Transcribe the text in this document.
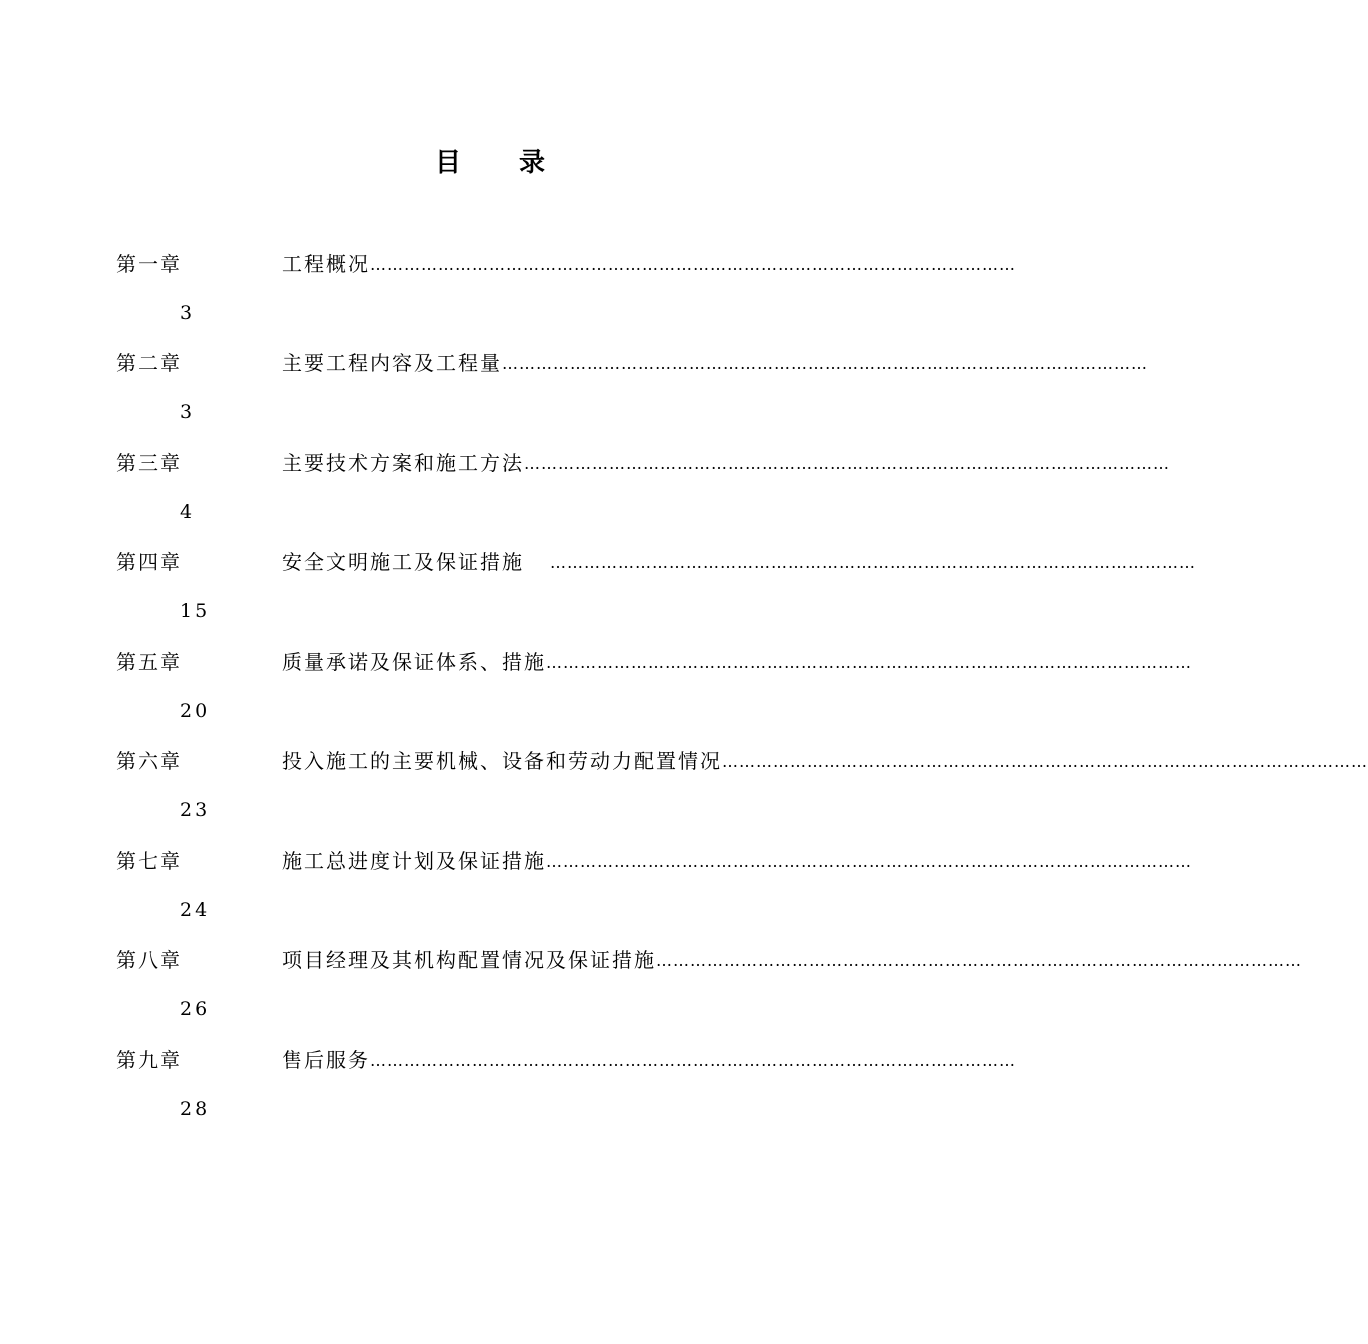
目 录
第一章	工程概况 ……………………………………………………………………………………………………
3
第二章	主要工程内容及工程量 ……………………………………………………………………………………………………
3
第三章	主要技术方案和施工方法 ……………………………………………………………………………………………………
4
第四章	安全文明施工及保证措施 ……………………………………………………………………………………………………
15
第五章	质量承诺及保证体系、措施 ……………………………………………………………………………………………………
20
第六章	投入施工的主要机械、设备和劳动力配置情况 ……………………………………………………………………………………………………
23
第七章	施工总进度计划及保证措施 ……………………………………………………………………………………………………
24
第八章	项目经理及其机构配置情况及保证措施 ……………………………………………………………………………………………………
26
第九章	售后服务 ……………………………………………………………………………………………………
28
